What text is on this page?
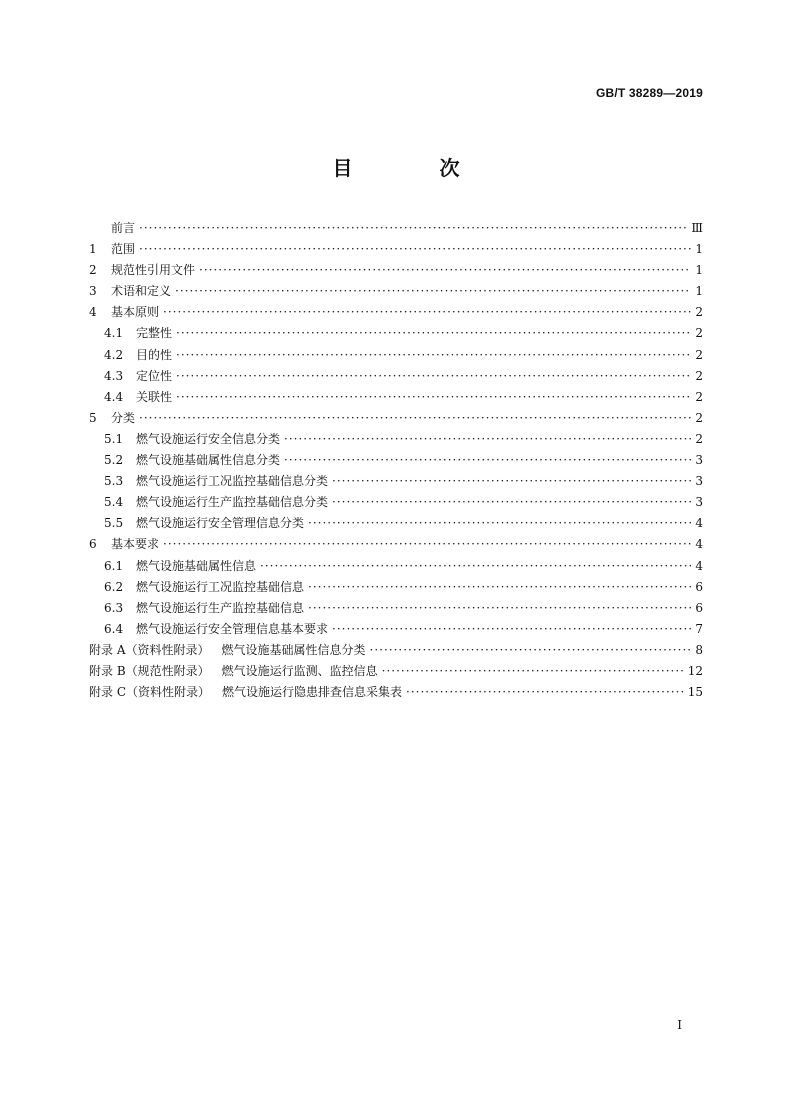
GB/T 38289—2019
目 次
前言 ·····	Ⅲ
1	范围 ·····	1
2	规范性引用文件 ·····	1
3	术语和定义 ·····	1
4	基本原则 ·····	2
4.1	完整性 ·····	2
4.2	目的性 ·····	2
4.3	定位性 ·····	2
4.4	关联性 ·····	2
5	分类 ·····	2
5.1	燃气设施运行安全信息分类 ·····	2
5.2	燃气设施基础属性信息分类 ·····	3
5.3	燃气设施运行工况监控基础信息分类 ·····	3
5.4	燃气设施运行生产监控基础信息分类 ·····	3
5.5	燃气设施运行安全管理信息分类 ·····	4
6	基本要求 ·····	4
6.1	燃气设施基础属性信息 ·····	4
6.2	燃气设施运行工况监控基础信息 ·····	6
6.3	燃气设施运行生产监控基础信息 ·····	6
6.4	燃气设施运行安全管理信息基本要求 ·····	7
附录 A（资料性附录） 燃气设施基础属性信息分类 ·····	8
附录 B（规范性附录） 燃气设施运行监测、监控信息 ·····	12
附录 C（资料性附录） 燃气设施运行隐患排查信息采集表 ·····	15
Ⅰ
